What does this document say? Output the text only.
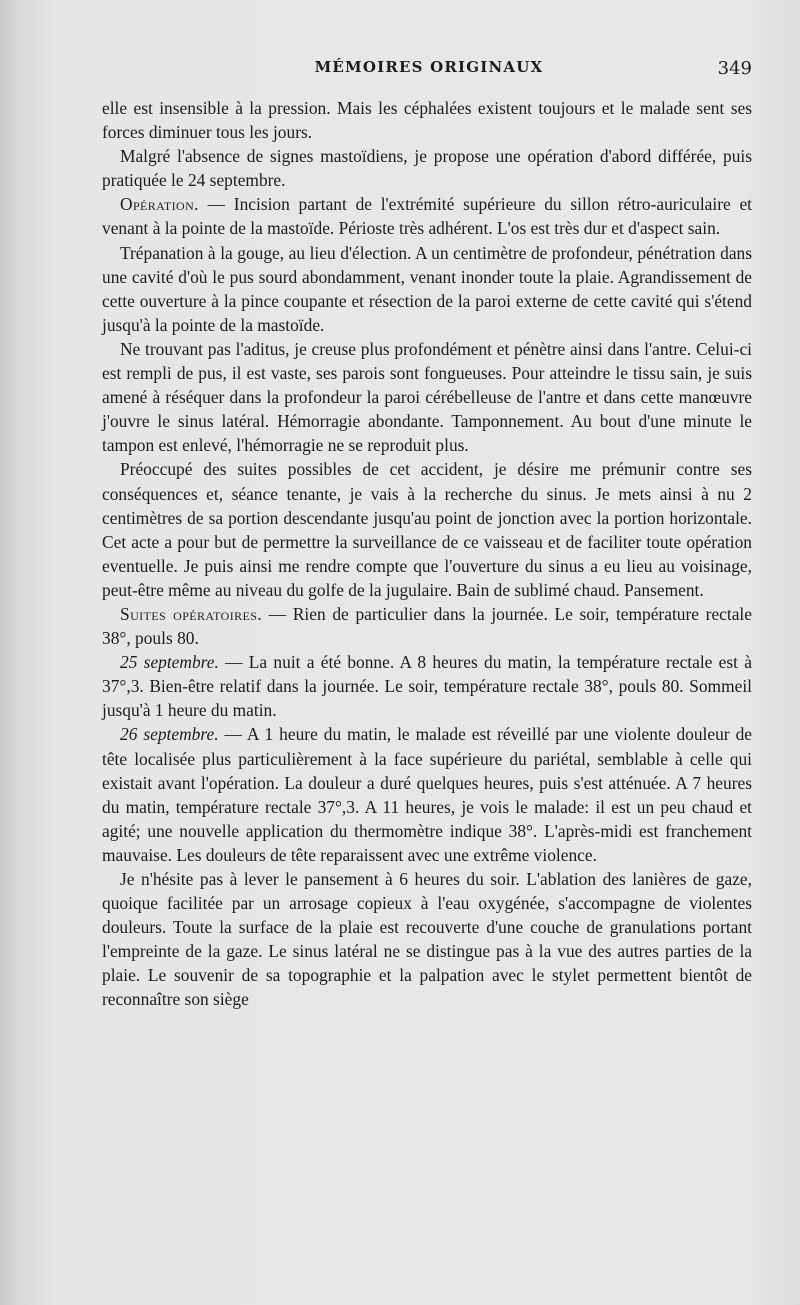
MÉMOIRES ORIGINAUX	349

elle est insensible à la pression. Mais les céphalées existent toujours et le malade sent ses forces diminuer tous les jours.

Malgré l'absence de signes mastoïdiens, je propose une opération d'abord différée, puis pratiquée le 24 septembre.

Opération. — Incision partant de l'extrémité supérieure du sillon rétro-auriculaire et venant à la pointe de la mastoïde. Périoste très adhérent. L'os est très dur et d'aspect sain.

Trépanation à la gouge, au lieu d'élection. A un centimètre de profondeur, pénétration dans une cavité d'où le pus sourd abondamment, venant inonder toute la plaie. Agrandissement de cette ouverture à la pince coupante et résection de la paroi externe de cette cavité qui s'étend jusqu'à la pointe de la mastoïde.

Ne trouvant pas l'aditus, je creuse plus profondément et pénètre ainsi dans l'antre. Celui-ci est rempli de pus, il est vaste, ses parois sont fongueuses. Pour atteindre le tissu sain, je suis amené à réséquer dans la profondeur la paroi cérébelleuse de l'antre et dans cette manœuvre j'ouvre le sinus latéral. Hémorragie abondante. Tamponnement. Au bout d'une minute le tampon est enlevé, l'hémorragie ne se reproduit plus.

Préoccupé des suites possibles de cet accident, je désire me prémunir contre ses conséquences et, séance tenante, je vais à la recherche du sinus. Je mets ainsi à nu 2 centimètres de sa portion descendante jusqu'au point de jonction avec la portion horizontale. Cet acte a pour but de permettre la surveillance de ce vaisseau et de faciliter toute opération eventuelle. Je puis ainsi me rendre compte que l'ouverture du sinus a eu lieu au voisinage, peut-être même au niveau du golfe de la jugulaire. Bain de sublimé chaud. Pansement.

Suites opératoires. — Rien de particulier dans la journée. Le soir, température rectale 38°, pouls 80.

25 septembre. — La nuit a été bonne. A 8 heures du matin, la température rectale est à 37°,3. Bien-être relatif dans la journée. Le soir, température rectale 38°, pouls 80. Sommeil jusqu'à 1 heure du matin.

26 septembre. — A 1 heure du matin, le malade est réveillé par une violente douleur de tête localisée plus particulièrement à la face supérieure du pariétal, semblable à celle qui existait avant l'opération. La douleur a duré quelques heures, puis s'est atténuée. A 7 heures du matin, température rectale 37°,3. A 11 heures, je vois le malade: il est un peu chaud et agité; une nouvelle application du thermomètre indique 38°. L'après-midi est franchement mauvaise. Les douleurs de tête reparaissent avec une extrême violence.

Je n'hésite pas à lever le pansement à 6 heures du soir. L'ablation des lanières de gaze, quoique facilitée par un arrosage copieux à l'eau oxygénée, s'accompagne de violentes douleurs. Toute la surface de la plaie est recouverte d'une couche de granulations portant l'empreinte de la gaze. Le sinus latéral ne se distingue pas à la vue des autres parties de la plaie. Le souvenir de sa topographie et la palpation avec le stylet permettent bientôt de reconnaître son siège
